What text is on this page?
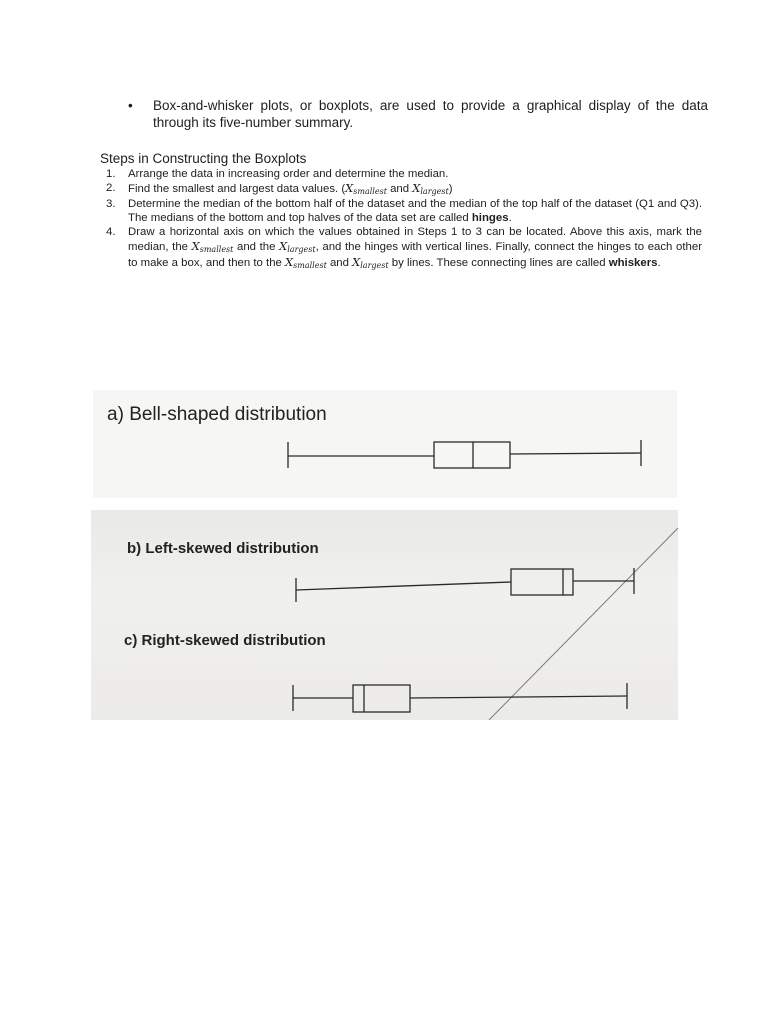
• Box-and-whisker plots, or boxplots, are used to provide a graphical display of the data through its five-number summary.
Steps in Constructing the Boxplots
1. Arrange the data in increasing order and determine the median.
2. Find the smallest and largest data values. ($X_{smallest}$ and $X_{largest}$)
3. Determine the median of the bottom half of the dataset and the median of the top half of the dataset (Q1 and Q3). The medians of the bottom and top halves of the data set are called hinges.
4. Draw a horizontal axis on which the values obtained in Steps 1 to 3 can be located. Above this axis, mark the median, the $X_{smallest}$ and the $X_{largest}$, and the hinges with vertical lines. Finally, connect the hinges to each other to make a box, and then to the $X_{smallest}$ and $X_{largest}$ by lines. These connecting lines are called whiskers.
a) Bell-shaped distribution
b) Left-skewed distribution
c) Right-skewed distribution
